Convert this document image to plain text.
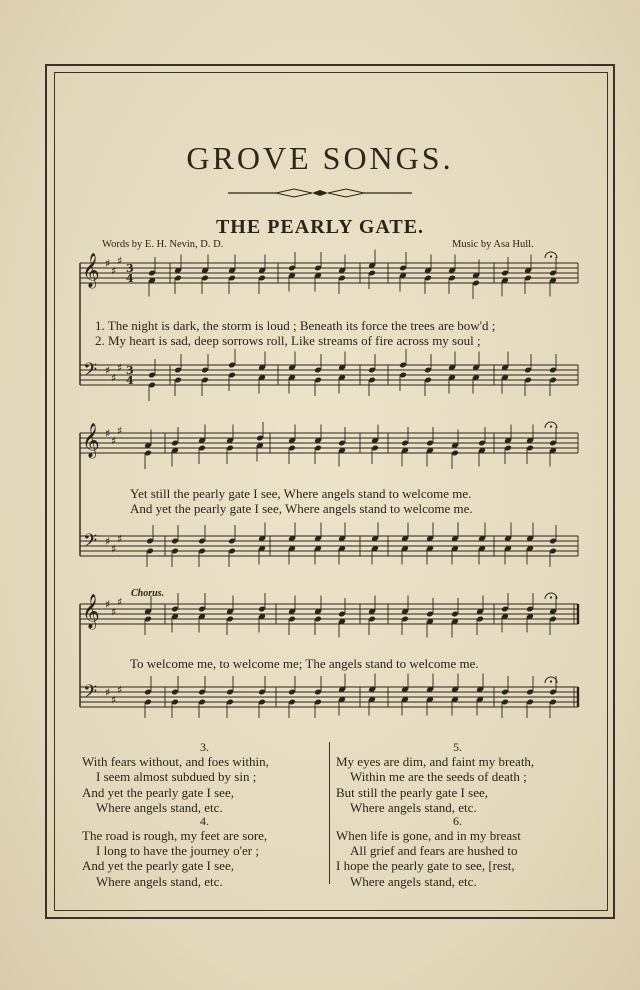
GROVE SONGS.
THE PEARLY GATE.
Words by E. H. Nevin, D. D.	Music by Asa Hull.
𝄞
𝄢
♯
♯
♯
♯
♯
♯
3
4
3
4
𝄞
𝄢
♯
♯
♯
♯
♯
♯
𝄞
𝄢
♯
♯
♯
♯
♯
♯
1. The night is dark, the storm is loud ; Beneath its force the trees are bow'd ;
2. My heart is sad, deep sorrows roll, Like streams of fire across my soul ;
Yet still the pearly gate I see, Where angels stand to welcome me.
And yet the pearly gate I see, Where angels stand to welcome me.
Chorus.
To welcome me, to welcome me; The angels stand to welcome me.
3.
With fears without, and foes within,
I seem almost subdued by sin ;
And yet the pearly gate I see,
Where angels stand, etc.
4.
The road is rough, my feet are sore,
I long to have the journey o'er ;
And yet the pearly gate I see,
Where angels stand, etc.
5.
My eyes are dim, and faint my breath,
Within me are the seeds of death ;
But still the pearly gate I see,
Where angels stand, etc.
6.
When life is gone, and in my breast
All grief and fears are hushed to
I hope the pearly gate to see, [rest,
Where angels stand, etc.
